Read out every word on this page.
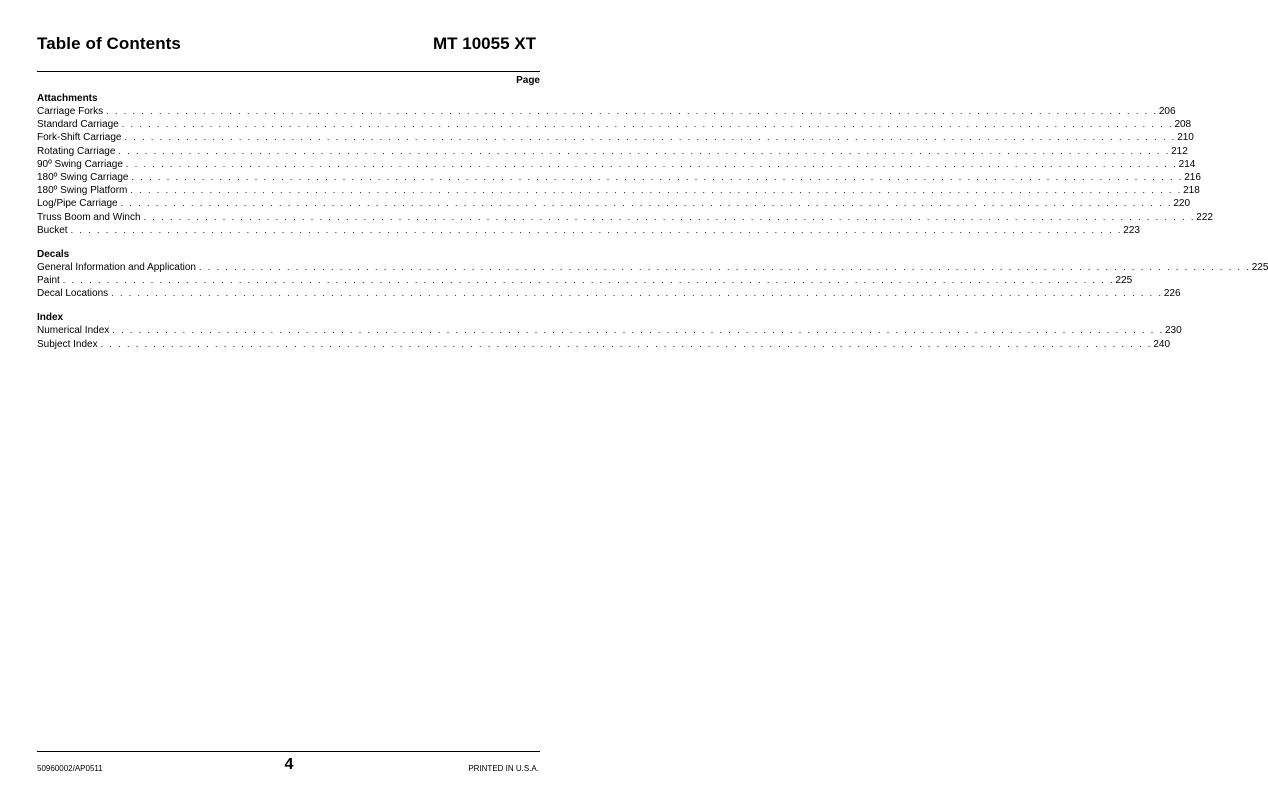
Table of Contents	MT 10055 XT
Page
Attachments
Carriage Forks . . . . . . . . . . . . . . . . . . . . . . . . . . . . . . . . . . . . . . . . . . . . . . . . . . . . . . . . . . . . . . . . . . . . . . . . . . . . . . . . . . . . . . . . . . . . . . . . . . . . . . . . . . . . . . . . . . . . . . . . 206
Standard Carriage . . . . . . . . . . . . . . . . . . . . . . . . . . . . . . . . . . . . . . . . . . . . . . . . . . . . . . . . . . . . . . . . . . . . . . . . . . . . . . . . . . . . . . . . . . . . . . . . . . . . . . . . . . . . . . . . . . . . . . . . 208
Fork-Shift Carriage . . . . . . . . . . . . . . . . . . . . . . . . . . . . . . . . . . . . . . . . . . . . . . . . . . . . . . . . . . . . . . . . . . . . . . . . . . . . . . . . . . . . . . . . . . . . . . . . . . . . . . . . . . . . . . . . . . . . . . . . 210
Rotating Carriage . . . . . . . . . . . . . . . . . . . . . . . . . . . . . . . . . . . . . . . . . . . . . . . . . . . . . . . . . . . . . . . . . . . . . . . . . . . . . . . . . . . . . . . . . . . . . . . . . . . . . . . . . . . . . . . . . . . . . . . . 212
90º Swing Carriage . . . . . . . . . . . . . . . . . . . . . . . . . . . . . . . . . . . . . . . . . . . . . . . . . . . . . . . . . . . . . . . . . . . . . . . . . . . . . . . . . . . . . . . . . . . . . . . . . . . . . . . . . . . . . . . . . . . . . . . . 214
180º Swing Carriage . . . . . . . . . . . . . . . . . . . . . . . . . . . . . . . . . . . . . . . . . . . . . . . . . . . . . . . . . . . . . . . . . . . . . . . . . . . . . . . . . . . . . . . . . . . . . . . . . . . . . . . . . . . . . . . . . . . . . . . . 216
180º Swing Platform . . . . . . . . . . . . . . . . . . . . . . . . . . . . . . . . . . . . . . . . . . . . . . . . . . . . . . . . . . . . . . . . . . . . . . . . . . . . . . . . . . . . . . . . . . . . . . . . . . . . . . . . . . . . . . . . . . . . . . . . 218
Log/Pipe Carriage . . . . . . . . . . . . . . . . . . . . . . . . . . . . . . . . . . . . . . . . . . . . . . . . . . . . . . . . . . . . . . . . . . . . . . . . . . . . . . . . . . . . . . . . . . . . . . . . . . . . . . . . . . . . . . . . . . . . . . . . 220
Truss Boom and Winch . . . . . . . . . . . . . . . . . . . . . . . . . . . . . . . . . . . . . . . . . . . . . . . . . . . . . . . . . . . . . . . . . . . . . . . . . . . . . . . . . . . . . . . . . . . . . . . . . . . . . . . . . . . . . . . . . . . . . . . . 222
Bucket . . . . . . . . . . . . . . . . . . . . . . . . . . . . . . . . . . . . . . . . . . . . . . . . . . . . . . . . . . . . . . . . . . . . . . . . . . . . . . . . . . . . . . . . . . . . . . . . . . . . . . . . . . . . . . . . . . . . . . . . 223
Decals
General Information and Application . . . . . . . . . . . . . . . . . . . . . . . . . . . . . . . . . . . . . . . . . . . . . . . . . . . . . . . . . . . . . . . . . . . . . . . . . . . . . . . . . . . . . . . . . . . . . . . . . . . . . . . . . . . . . . . . . . . . . . . . 225
Paint . . . . . . . . . . . . . . . . . . . . . . . . . . . . . . . . . . . . . . . . . . . . . . . . . . . . . . . . . . . . . . . . . . . . . . . . . . . . . . . . . . . . . . . . . . . . . . . . . . . . . . . . . . . . . . . . . . . . . . . . 225
Decal Locations . . . . . . . . . . . . . . . . . . . . . . . . . . . . . . . . . . . . . . . . . . . . . . . . . . . . . . . . . . . . . . . . . . . . . . . . . . . . . . . . . . . . . . . . . . . . . . . . . . . . . . . . . . . . . . . . . . . . . . . . 226
Index
Numerical Index . . . . . . . . . . . . . . . . . . . . . . . . . . . . . . . . . . . . . . . . . . . . . . . . . . . . . . . . . . . . . . . . . . . . . . . . . . . . . . . . . . . . . . . . . . . . . . . . . . . . . . . . . . . . . . . . . . . . . . . . 230
Subject Index . . . . . . . . . . . . . . . . . . . . . . . . . . . . . . . . . . . . . . . . . . . . . . . . . . . . . . . . . . . . . . . . . . . . . . . . . . . . . . . . . . . . . . . . . . . . . . . . . . . . . . . . . . . . . . . . . . . . . . . . 240
50960002/AP0511	4	PRINTED IN U.S.A.
